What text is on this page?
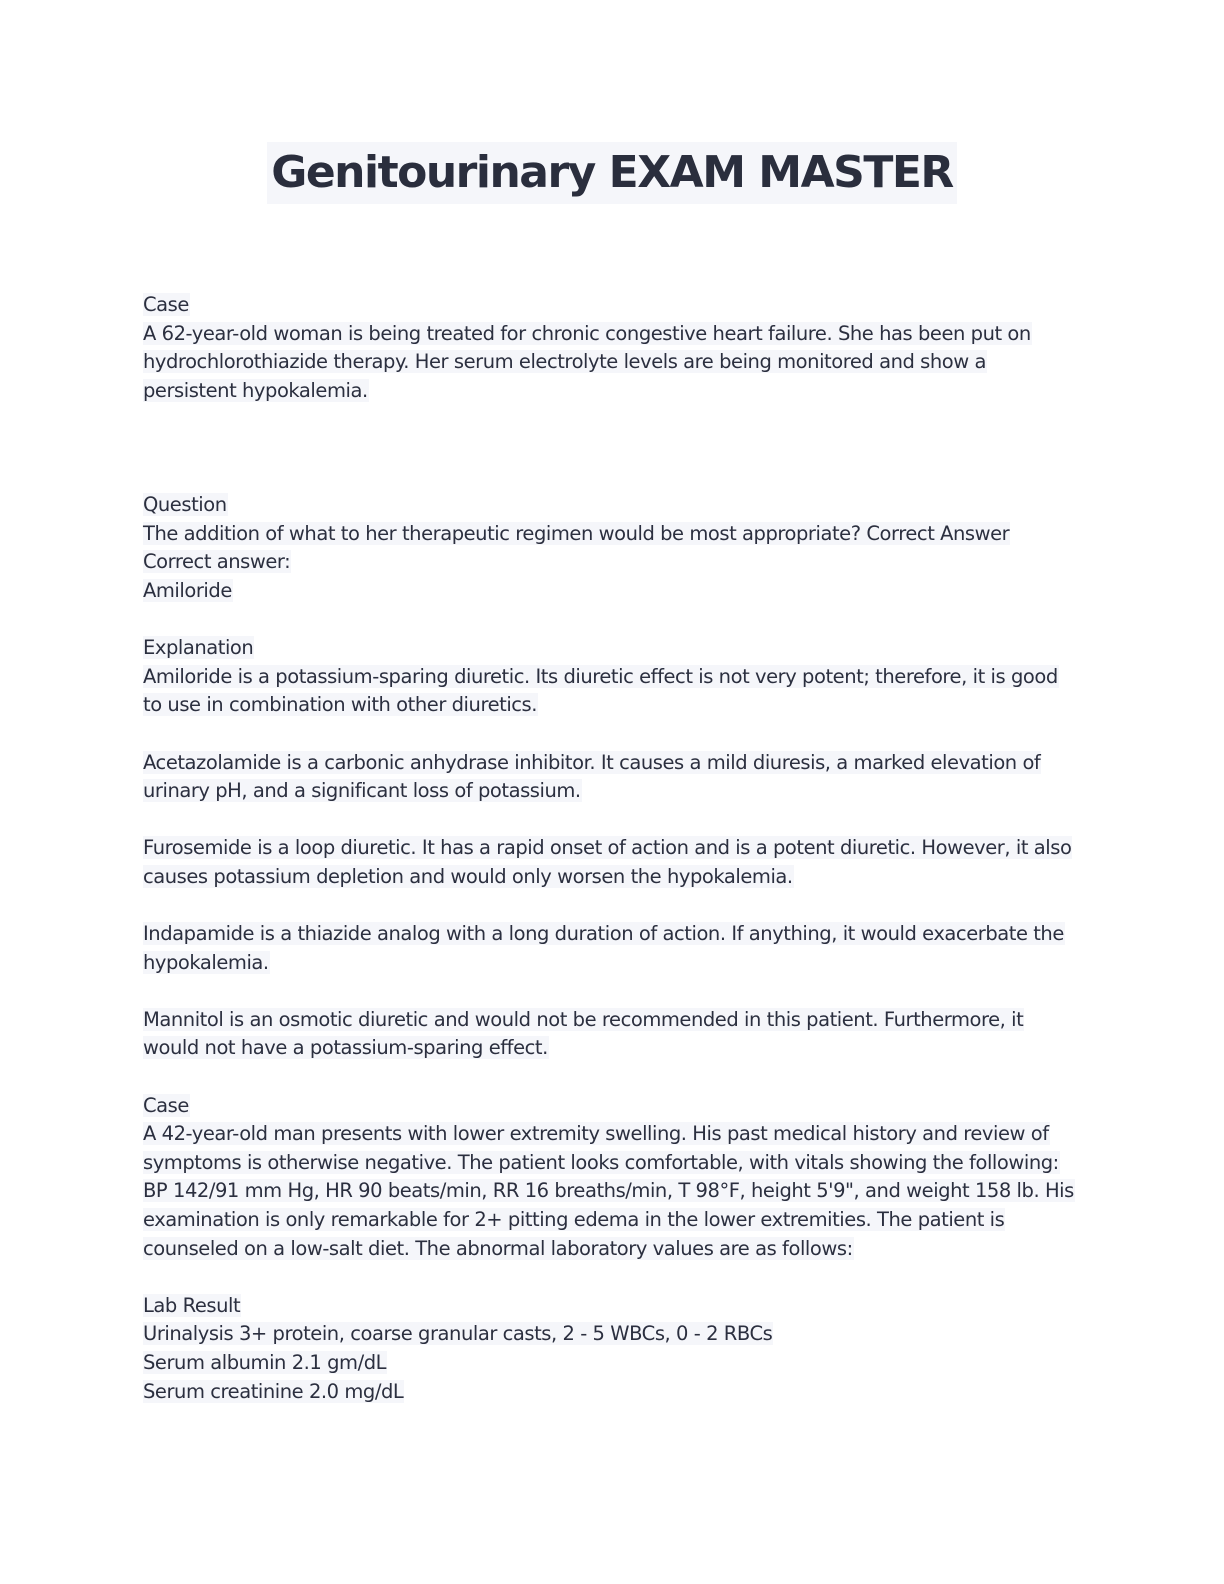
Genitourinary EXAM MASTER
Case
A 62-year-old woman is being treated for chronic congestive heart failure. She has been put on
hydrochlorothiazide therapy. Her serum electrolyte levels are being monitored and show a
persistent hypokalemia.
Question
The addition of what to her therapeutic regimen would be most appropriate? Correct Answer
Correct answer:
Amiloride
Explanation
Amiloride is a potassium-sparing diuretic. Its diuretic effect is not very potent; therefore, it is good
to use in combination with other diuretics.
Acetazolamide is a carbonic anhydrase inhibitor. It causes a mild diuresis, a marked elevation of
urinary pH, and a significant loss of potassium.
Furosemide is a loop diuretic. It has a rapid onset of action and is a potent diuretic. However, it also
causes potassium depletion and would only worsen the hypokalemia.
Indapamide is a thiazide analog with a long duration of action. If anything, it would exacerbate the
hypokalemia.
Mannitol is an osmotic diuretic and would not be recommended in this patient. Furthermore, it
would not have a potassium-sparing effect.
Case
A 42-year-old man presents with lower extremity swelling. His past medical history and review of
symptoms is otherwise negative. The patient looks comfortable, with vitals showing the following:
BP 142/91 mm Hg, HR 90 beats/min, RR 16 breaths/min, T 98°F, height 5'9", and weight 158 lb. His
examination is only remarkable for 2+ pitting edema in the lower extremities. The patient is
counseled on a low-salt diet. The abnormal laboratory values are as follows:
Lab Result
Urinalysis 3+ protein, coarse granular casts, 2 - 5 WBCs, 0 - 2 RBCs
Serum albumin 2.1 gm/dL
Serum creatinine 2.0 mg/dL
